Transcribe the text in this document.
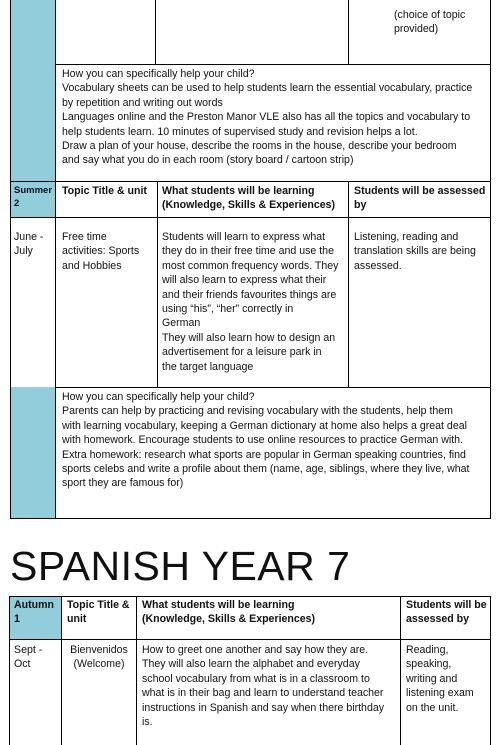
(choice of topic
provided)
How you can specifically help your child?
Vocabulary sheets can be used to help students learn the essential vocabulary, practice
by repetition and writing out words
Languages online and the Preston Manor VLE also has all the topics and vocabulary to
help students learn. 10 minutes of supervised study and revision helps a lot.
Draw a plan of your house, describe the rooms in the house, describe your bedroom
and say what you do in each room (story board / cartoon strip)
Summer
2
Topic Title & unit What students will be learning
(Knowledge, Skills & Experiences)
Students will be assessed
by
June -
July
Free time
activities: Sports
and Hobbies
Students will learn to express what
they do in their free time and use the
most common frequency words. They
will also learn to express what their
and their friends favourites things are
using “his”, “her” correctly in
German
They will also learn how to design an
advertisement for a leisure park in
the target language
Listening, reading and
translation skills are being
assessed.
How you can specifically help your child?
Parents can help by practicing and revising vocabulary with the students, help them
with learning vocabulary, keeping a German dictionary at home also helps a great deal
with homework. Encourage students to use online resources to practice German with.
Extra homework: research what sports are popular in German speaking countries, find
sports celebs and write a profile about them (name, age, siblings, where they live, what
sport they are famous for)
SPANISH YEAR 7
Autumn
1
Topic Title &
unit
What students will be learning
(Knowledge, Skills & Experiences)
Students will be
assessed by
Sept -
Oct
Bienvenidos
(Welcome)
How to greet one another and say how they are.
They will also learn the alphabet and everyday
school vocabulary from what is in a classroom to
what is in their bag and learn to understand teacher
instructions in Spanish and say when there birthday
is.
Reading,
speaking,
writing and
listening exam
on the unit.
